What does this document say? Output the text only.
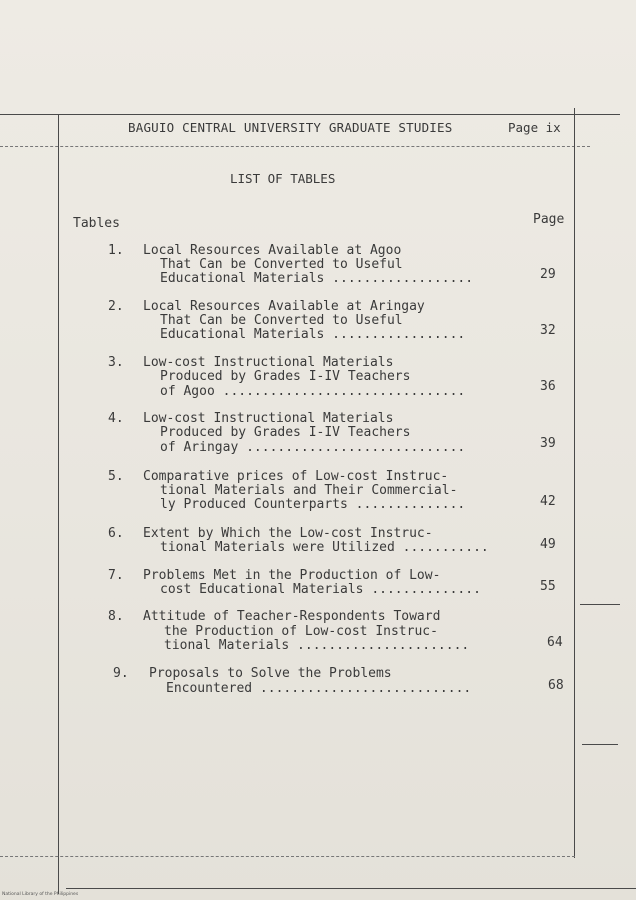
BAGUIO CENTRAL UNIVERSITY GRADUATE STUDIES	Page ix
LIST OF TABLES
Tables	Page
1. Local Resources Available at Agoo
That Can be Converted to Useful
Educational Materials ..................	29
2. Local Resources Available at Aringay
That Can be Converted to Useful
Educational Materials .................	32
3. Low-cost Instructional Materials
Produced by Grades I-IV Teachers
of Agoo ...............................	36
4. Low-cost Instructional Materials
Produced by Grades I-IV Teachers
of Aringay ............................	39
5. Comparative prices of Low-cost Instruc-
tional Materials and Their Commercial-
ly Produced Counterparts ..............	42
6. Extent by Which the Low-cost Instruc-
tional Materials were Utilized ...........	49
7. Problems Met in the Production of Low-
cost Educational Materials ..............	55
8. Attitude of Teacher-Respondents Toward
the Production of Low-cost Instruc-
tional Materials ......................	64
9. Proposals to Solve the Problems
Encountered ...........................	68
National Library of the Philippines
